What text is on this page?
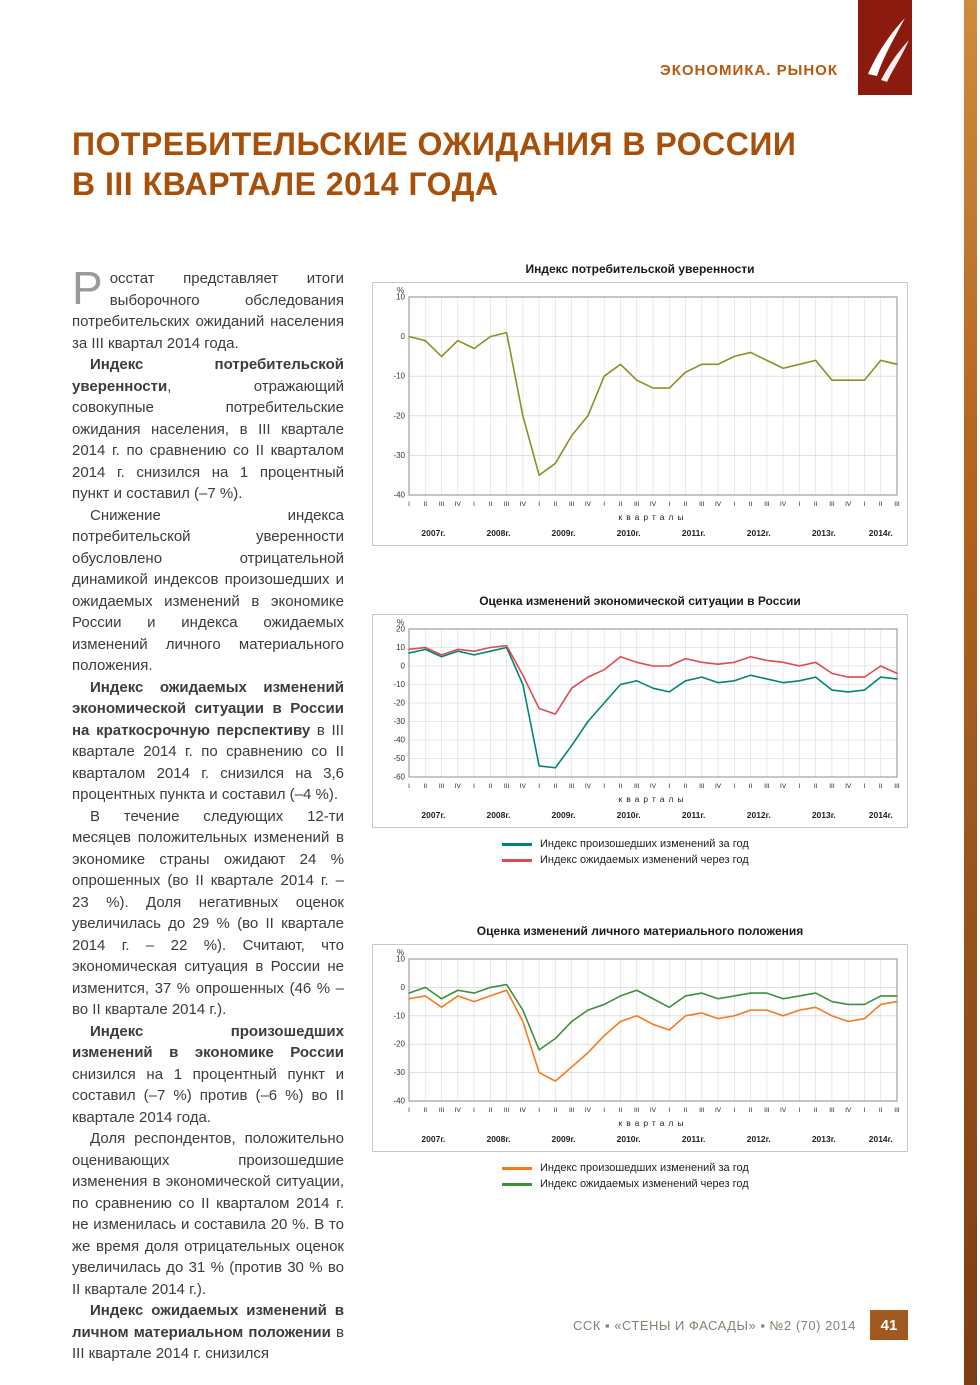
ЭКОНОМИКА. РЫНОК
ПОТРЕБИТЕЛЬСКИЕ ОЖИДАНИЯ В РОССИИ
В III КВАРТАЛЕ 2014 ГОДА

Росстат представляет итоги выборочного обследования потребительских ожиданий населения за III квартал 2014 года.

Индекс потребительской уверенности, отражающий совокупные потребительские ожидания населения, в III квартале 2014 г. по сравнению со II кварталом 2014 г. снизился на 1 процентный пункт и составил (–7 %).

Снижение индекса потребительской уверенности обусловлено отрицательной динамикой индексов произошедших и ожидаемых изменений в экономике России и индекса ожидаемых изменений личного материального положения.

Индекс ожидаемых изменений экономической ситуации в России на краткосрочную перспективу в III квартале 2014 г. по сравнению со II кварталом 2014 г. снизился на 3,6 процентных пункта и составил (–4 %).

В течение следующих 12-ти месяцев положительных изменений в экономике страны ожидают 24 % опрошенных (во II квартале 2014 г. – 23 %). Доля негативных оценок увеличилась до 29 % (во II квартале 2014 г. – 22 %). Считают, что экономическая ситуация в России не изменится, 37 % опрошенных (46 % – во II квартале 2014 г.).

Индекс произошедших изменений в экономике России снизился на 1 процентный пункт и составил (–7 %) против (–6 %) во II квартале 2014 года.

Доля респондентов, положительно оценивающих произошедшие изменения в экономической ситуации, по сравнению со II кварталом 2014 г. не изменилась и составила 20 %. В то же время доля отрицательных оценок увеличилась до 31 % (против 30 % во II квартале 2014 г.).

Индекс ожидаемых изменений в личном материальном положении в III квартале 2014 г. снизился

Индекс потребительской уверенности
-40
-30
-20
-10
0
10
%
I II III IV I II III IV I II III IV I II III IV I II III IV I II III IV I II III IV I II III
кварталы
2007г.	2008г.	2009г.	2010г.	2011г.	2012г.	2013г.	2014г.
Оценка изменений экономической ситуации в России
-60
-50
-40
-30
-20
-10
0
10
20
%
I II III IV I II III IV I II III IV I II III IV I II III IV I II III IV I II III IV I II III
кварталы
2007г.	2008г.	2009г.	2010г.	2011г.	2012г.	2013г.	2014г.
Индекс произошедших изменений за год
Индекс ожидаемых изменений через год
Оценка изменений личного материального положения
-40
-30
-20
-10
0
10
%
I II III IV I II III IV I II III IV I II III IV I II III IV I II III IV I II III IV I II III
кварталы
2007г.	2008г.	2009г.	2010г.	2011г.	2012г.	2013г.	2014г.
Индекс произошедших изменений за год
Индекс ожидаемых изменений через год
ССК ▪ «СТЕНЫ И ФАСАДЫ» ▪ №2 (70) 2014	41
